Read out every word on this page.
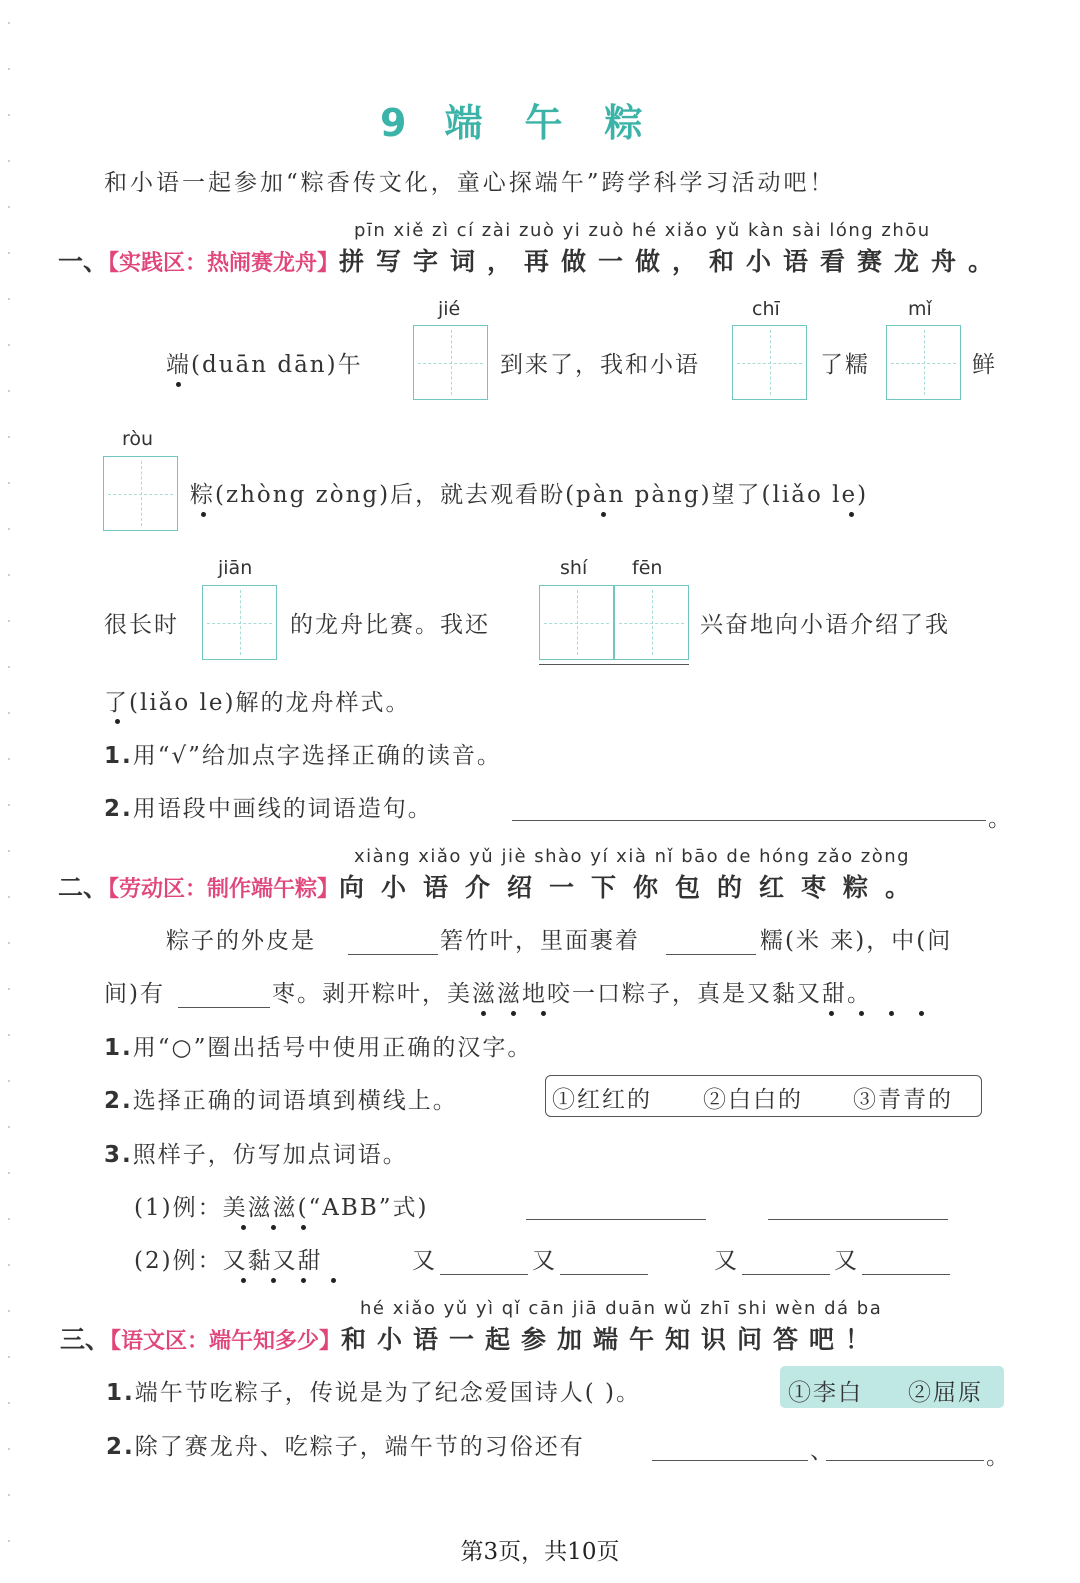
9 端 午 粽
和小语一起参加“粽香传文化，童心探端午”跨学科学习活动吧！
pīn xiě zì cí zài zuò yi zuò hé xiǎo yǔ kàn sài lóng zhōu
一、【实践区：热闹赛龙舟】拼写字词，再做一做，和小语看赛龙舟。
jié	chī	mǐ
端(duān dān)午	到来了，我和小语	了糯	鲜
ròu
粽(zhòng zòng)后，就去观看盼(pàn pàng)望了(liǎo le)
jiān	shí fēn
很长时	的龙舟比赛。我还	兴奋地向小语介绍了我
了(liǎo le)解的龙舟样式。
1.用“√”给加点字选择正确的读音。
2.用语段中画线的词语造句。	。
xiàng xiǎo yǔ jiè shào yí xià nǐ bāo de hóng zǎo zòng
二、【劳动区：制作端午粽】向小语介绍一下你包的红枣粽。
粽子的外皮是	箬竹叶，里面裹着	糯(米 来)，中(问
间)有	枣。剥开粽叶，美滋滋地咬一口粽子，真是又黏又甜。
1.用“○”圈出括号中使用正确的汉字。
2.选择正确的词语填到横线上。	①红红的 ②白白的 ③青青的
3.照样子，仿写加点词语。
(1)例：美滋滋(“ABB”式)
(2)例：又黏又甜	又	又	又	又
hé xiǎo yǔ yì qǐ cān jiā duān wǔ zhī shi wèn dá ba
三、【语文区：端午知多少】和小语一起参加端午知识问答吧！
1.端午节吃粽子，传说是为了纪念爱国诗人( )。	①李白 ②屈原
2.除了赛龙舟、吃粽子，端午节的习俗还有	、	。
第3页，共10页
